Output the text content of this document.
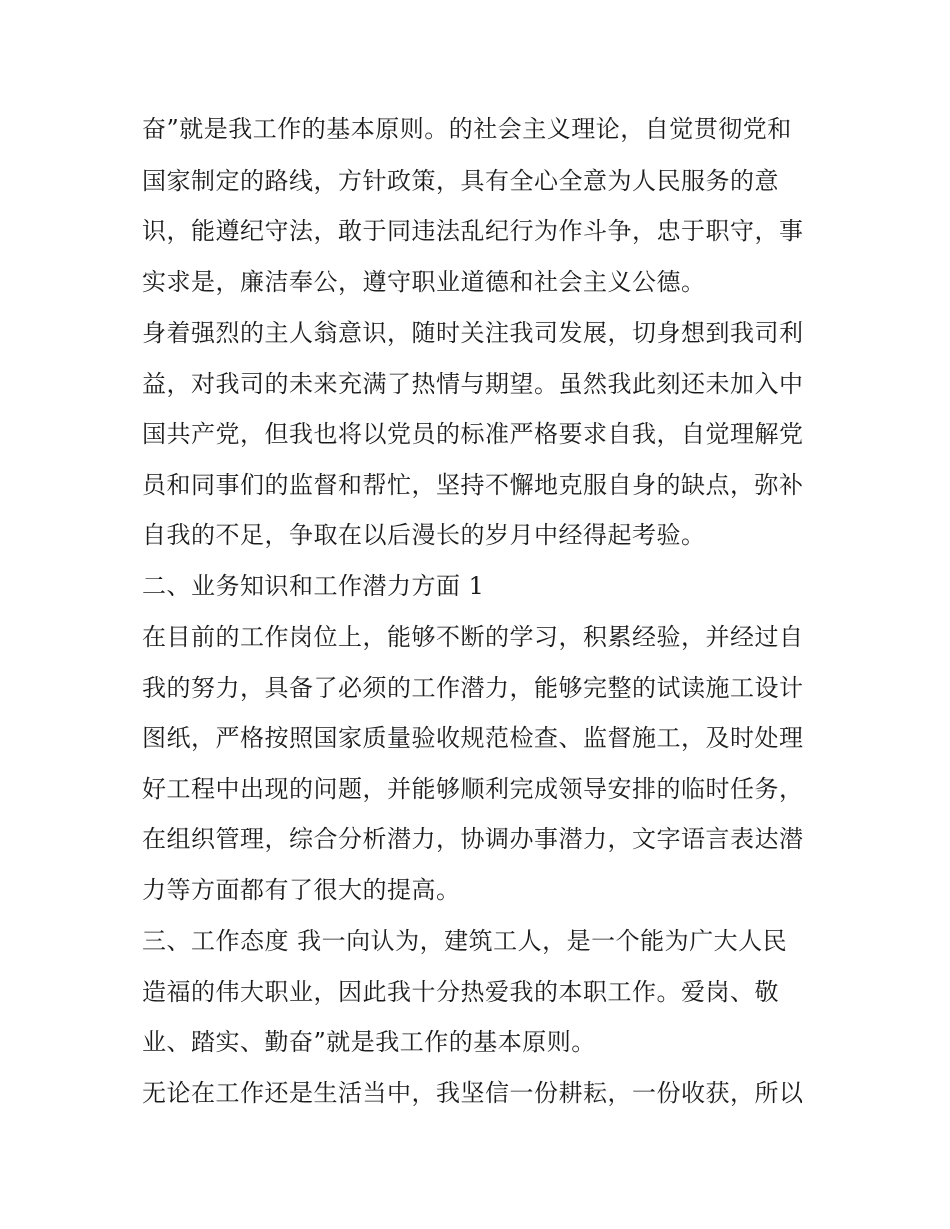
奋”就是我工作的基本原则。的社会主义理论，自觉贯彻党和
国家制定的路线，方针政策，具有全心全意为人民服务的意
识，能遵纪守法，敢于同违法乱纪行为作斗争，忠于职守，事
实求是，廉洁奉公，遵守职业道德和社会主义公德。
身着强烈的主人翁意识，随时关注我司发展，切身想到我司利
益，对我司的未来充满了热情与期望。虽然我此刻还未加入中
国共产党，但我也将以党员的标准严格要求自我，自觉理解党
员和同事们的监督和帮忙，坚持不懈地克服自身的缺点，弥补
自我的不足，争取在以后漫长的岁月中经得起考验。
二、业务知识和工作潜力方面 1
在目前的工作岗位上，能够不断的学习，积累经验，并经过自
我的努力，具备了必须的工作潜力，能够完整的试读施工设计
图纸，严格按照国家质量验收规范检查、监督施工，及时处理
好工程中出现的问题，并能够顺利完成领导安排的临时任务，
在组织管理，综合分析潜力，协调办事潜力，文字语言表达潜
力等方面都有了很大的提高。
三、工作态度 我一向认为，建筑工人，是一个能为广大人民
造福的伟大职业，因此我十分热爱我的本职工作。爱岗、敬
业、踏实、勤奋”就是我工作的基本原则。
无论在工作还是生活当中，我坚信一份耕耘，一份收获，所以
